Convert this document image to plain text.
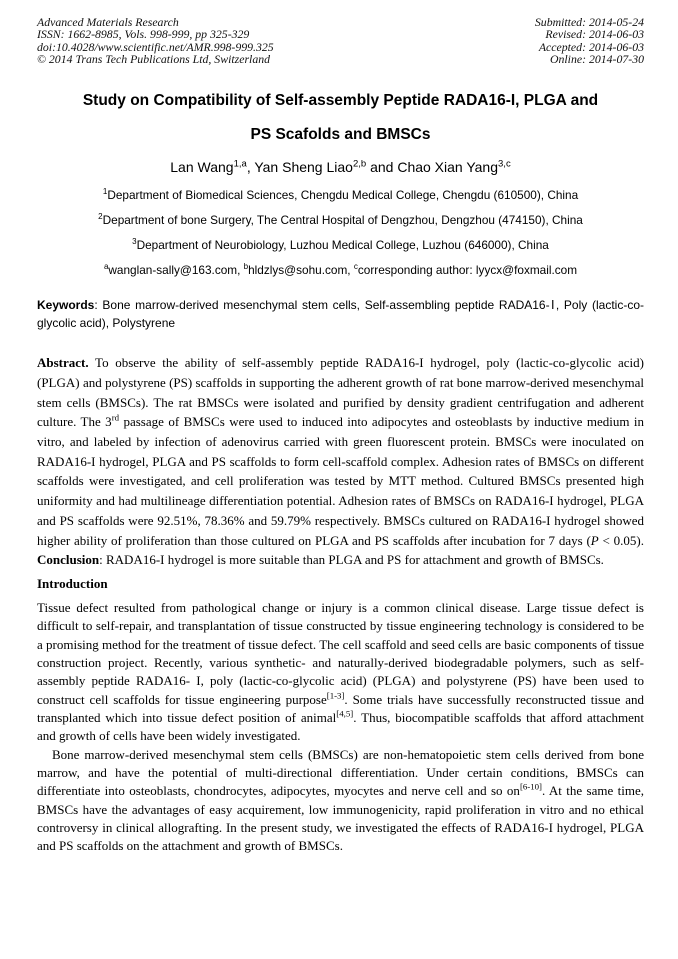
Advanced Materials Research
ISSN: 1662-8985, Vols. 998-999, pp 325-329
doi:10.4028/www.scientific.net/AMR.998-999.325
© 2014 Trans Tech Publications Ltd, Switzerland
Submitted: 2014-05-24
Revised: 2014-06-03
Accepted: 2014-06-03
Online: 2014-07-30
Study on Compatibility of Self-assembly Peptide RADA16-I, PLGA and
PS Scafolds and BMSCs
Lan Wang$^{1,a}$, Yan Sheng Liao$^{2,b}$ and Chao Xian Yang$^{3,c}$
$^1$Department of Biomedical Sciences, Chengdu Medical College, Chengdu (610500), China
$^2$Department of bone Surgery, The Central Hospital of Dengzhou, Dengzhou (474150), China
$^3$Department of Neurobiology, Luzhou Medical College, Luzhou (646000), China
$^a$wanglan-sally@163.com, $^b$hldzlys@sohu.com, $^c$corresponding author: lyycx@foxmail.com
Keywords: Bone marrow-derived mesenchymal stem cells, Self-assembling peptide RADA16-Ⅰ, Poly (lactic-co-glycolic acid), Polystyrene
Abstract. To observe the ability of self-assembly peptide RADA16-I hydrogel, poly (lactic-co-glycolic acid) (PLGA) and polystyrene (PS) scaffolds in supporting the adherent growth of rat bone marrow-derived mesenchymal stem cells (BMSCs). The rat BMSCs were isolated and purified by density gradient centrifugation and adherent culture. The 3rd passage of BMSCs were used to induced into adipocytes and osteoblasts by inductive medium in vitro, and labeled by infection of adenovirus carried with green fluorescent protein. BMSCs were inoculated on RADA16-I hydrogel, PLGA and PS scaffolds to form cell-scaffold complex. Adhesion rates of BMSCs on different scaffolds were investigated, and cell proliferation was tested by MTT method. Cultured BMSCs presented high uniformity and had multilineage differentiation potential. Adhesion rates of BMSCs on RADA16-I hydrogel, PLGA and PS scaffolds were 92.51%, 78.36% and 59.79% respectively. BMSCs cultured on RADA16-I hydrogel showed higher ability of proliferation than those cultured on PLGA and PS scaffolds after incubation for 7 days (P < 0.05). Conclusion: RADA16-I hydrogel is more suitable than PLGA and PS for attachment and growth of BMSCs.
Introduction

Tissue defect resulted from pathological change or injury is a common clinical disease. Large tissue defect is difficult to self-repair, and transplantation of tissue constructed by tissue engineering technology is considered to be a promising method for the treatment of tissue defect. The cell scaffold and seed cells are basic components of tissue construction project. Recently, various synthetic- and naturally-derived biodegradable polymers, such as self-assembly peptide RADA16- I, poly (lactic-co-glycolic acid) (PLGA) and polystyrene (PS) have been used to construct cell scaffolds for tissue engineering purpose[1-3]. Some trials have successfully reconstructed tissue and transplanted which into tissue defect position of animal[4,5]. Thus, biocompatible scaffolds that afford attachment and growth of cells have been widely investigated.

Bone marrow-derived mesenchymal stem cells (BMSCs) are non-hematopoietic stem cells derived from bone marrow, and have the potential of multi-directional differentiation. Under certain conditions, BMSCs can differentiate into osteoblasts, chondrocytes, adipocytes, myocytes and nerve cell and so on[6-10]. At the same time, BMSCs have the advantages of easy acquirement, low immunogenicity, rapid proliferation in vitro and no ethical controversy in clinical allografting. In the present study, we investigated the effects of RADA16-I hydrogel, PLGA and PS scaffolds on the attachment and growth of BMSCs.
